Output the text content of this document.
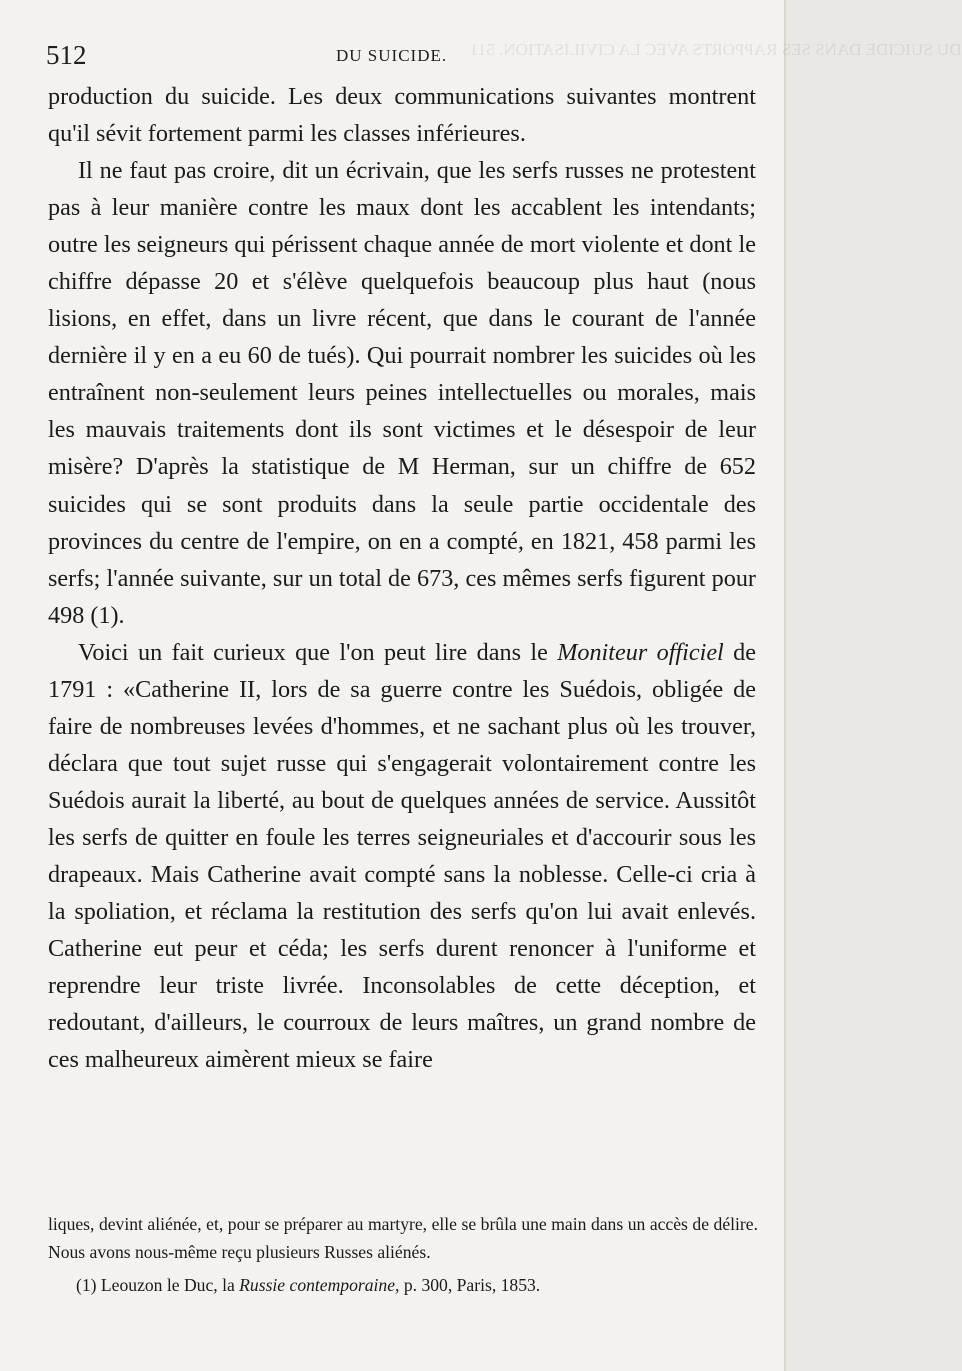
DU SUICIDE DANS SES RAPPORTS AVEC LA CIVILISATION. 511
512	DU SUICIDE.

production du suicide. Les deux communications suivantes montrent qu'il sévit fortement parmi les classes inférieures.

Il ne faut pas croire, dit un écrivain, que les serfs russes ne protestent pas à leur manière contre les maux dont les accablent les intendants; outre les seigneurs qui périssent chaque année de mort violente et dont le chiffre dépasse 20 et s'élève quelquefois beaucoup plus haut (nous lisions, en effet, dans un livre récent, que dans le courant de l'année dernière il y en a eu 60 de tués). Qui pourrait nombrer les suicides où les entraînent non-seulement leurs peines intellectuelles ou morales, mais les mauvais traitements dont ils sont victimes et le désespoir de leur misère? D'après la statistique de M Herman, sur un chiffre de 652 suicides qui se sont produits dans la seule partie occidentale des provinces du centre de l'empire, on en a compté, en 1821, 458 parmi les serfs; l'année suivante, sur un total de 673, ces mêmes serfs figurent pour 498 (1).

Voici un fait curieux que l'on peut lire dans le Moniteur officiel de 1791 : «Catherine II, lors de sa guerre contre les Suédois, obligée de faire de nombreuses levées d'hommes, et ne sachant plus où les trouver, déclara que tout sujet russe qui s'engagerait volontairement contre les Suédois aurait la liberté, au bout de quelques années de service. Aussitôt les serfs de quitter en foule les terres seigneuriales et d'accourir sous les drapeaux. Mais Catherine avait compté sans la noblesse. Celle-ci cria à la spoliation, et réclama la restitution des serfs qu'on lui avait enlevés. Catherine eut peur et céda; les serfs durent renoncer à l'uniforme et reprendre leur triste livrée. Inconsolables de cette déception, et redoutant, d'ailleurs, le courroux de leurs maîtres, un grand nombre de ces malheureux aimèrent mieux se faire

liques, devint aliénée, et, pour se préparer au martyre, elle se brûla une main dans un accès de délire. Nous avons nous-même reçu plusieurs Russes aliénés.

(1) Leouzon le Duc, la Russie contemporaine, p. 300, Paris, 1853.
